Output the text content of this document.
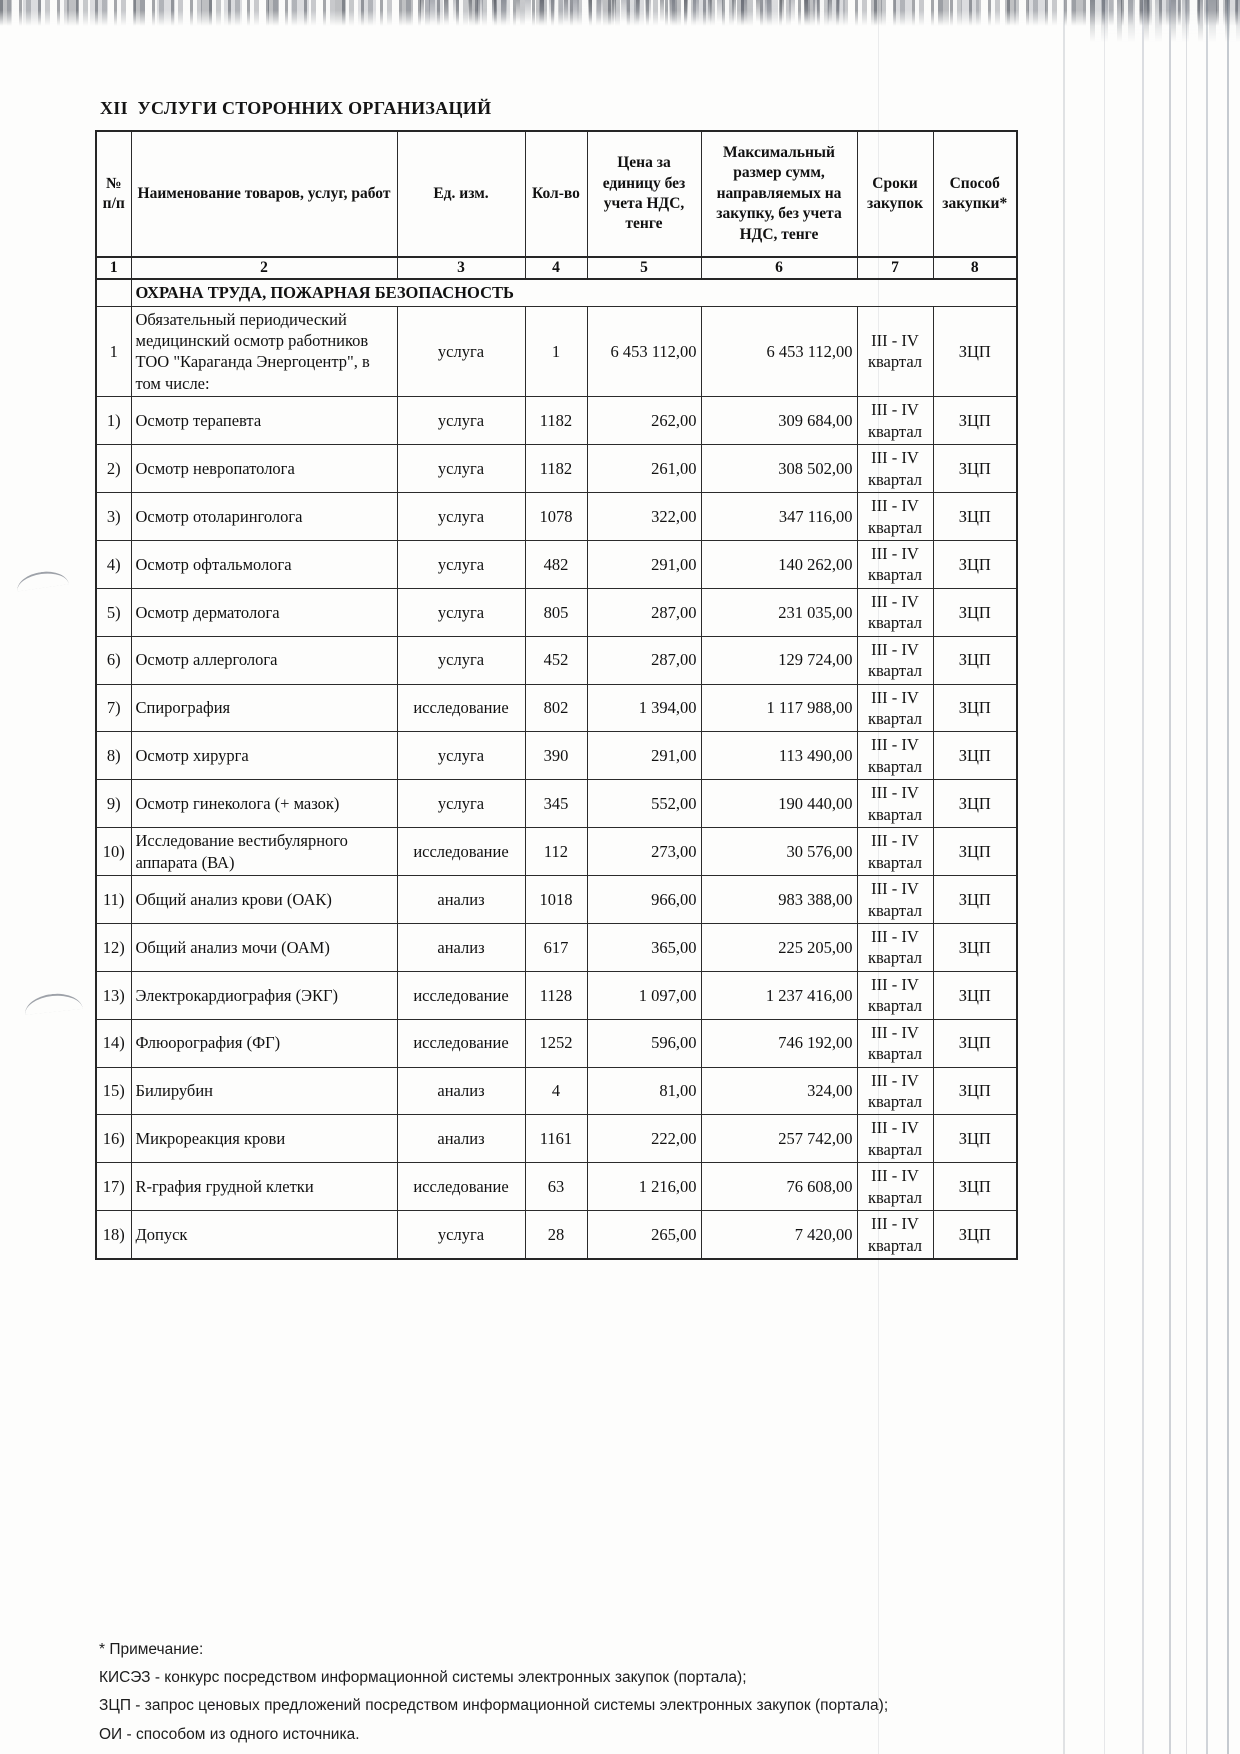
XII  УСЛУГИ СТОРОННИХ ОРГАНИЗАЦИЙ
№ п/п	Наименование товаров, услуг, работ	Ед. изм.	Кол-во	Цена за единицу без учета НДС, тенге	Максимальный размер сумм, направляемых на закупку, без учета НДС, тенге	Сроки закупок	Способ закупки*
1	2	3	4	5	6	7	8
	ОХРАНА ТРУДА, ПОЖАРНАЯ БЕЗОПАСНОСТЬ						
1	Обязательный периодический медицинский осмотр работников ТОО "Караганда Энергоцентр", в том числе:	услуга	1	6 453 112,00	6 453 112,00	III - IV квартал	ЗЦП
1)	Осмотр терапевта	услуга	1182	262,00	309 684,00	III - IV квартал	ЗЦП
2)	Осмотр невропатолога	услуга	1182	261,00	308 502,00	III - IV квартал	ЗЦП
3)	Осмотр отоларинголога	услуга	1078	322,00	347 116,00	III - IV квартал	ЗЦП
4)	Осмотр офтальмолога	услуга	482	291,00	140 262,00	III - IV квартал	ЗЦП
5)	Осмотр дерматолога	услуга	805	287,00	231 035,00	III - IV квартал	ЗЦП
6)	Осмотр аллерголога	услуга	452	287,00	129 724,00	III - IV квартал	ЗЦП
7)	Спирография	исследование	802	1 394,00	1 117 988,00	III - IV квартал	ЗЦП
8)	Осмотр хирурга	услуга	390	291,00	113 490,00	III - IV квартал	ЗЦП
9)	Осмотр гинеколога (+ мазок)	услуга	345	552,00	190 440,00	III - IV квартал	ЗЦП
10)	Исследование вестибулярного аппарата (ВА)	исследование	112	273,00	30 576,00	III - IV квартал	ЗЦП
11)	Общий анализ крови (ОАК)	анализ	1018	966,00	983 388,00	III - IV квартал	ЗЦП
12)	Общий анализ мочи (ОАМ)	анализ	617	365,00	225 205,00	III - IV квартал	ЗЦП
13)	Электрокардиография (ЭКГ)	исследование	1128	1 097,00	1 237 416,00	III - IV квартал	ЗЦП
14)	Флюорография (ФГ)	исследование	1252	596,00	746 192,00	III - IV квартал	ЗЦП
15)	Билирубин	анализ	4	81,00	324,00	III - IV квартал	ЗЦП
16)	Микрореакция крови	анализ	1161	222,00	257 742,00	III - IV квартал	ЗЦП
17)	R-графия грудной клетки	исследование	63	1 216,00	76 608,00	III - IV квартал	ЗЦП
18)	Допуск	услуга	28	265,00	7 420,00	III - IV квартал	ЗЦП
* Примечание:
КИСЭЗ - конкурс посредством информационной системы электронных закупок (портала);
ЗЦП - запрос ценовых предложений посредством информационной системы электронных закупок (портала);
ОИ - способом из одного источника.
